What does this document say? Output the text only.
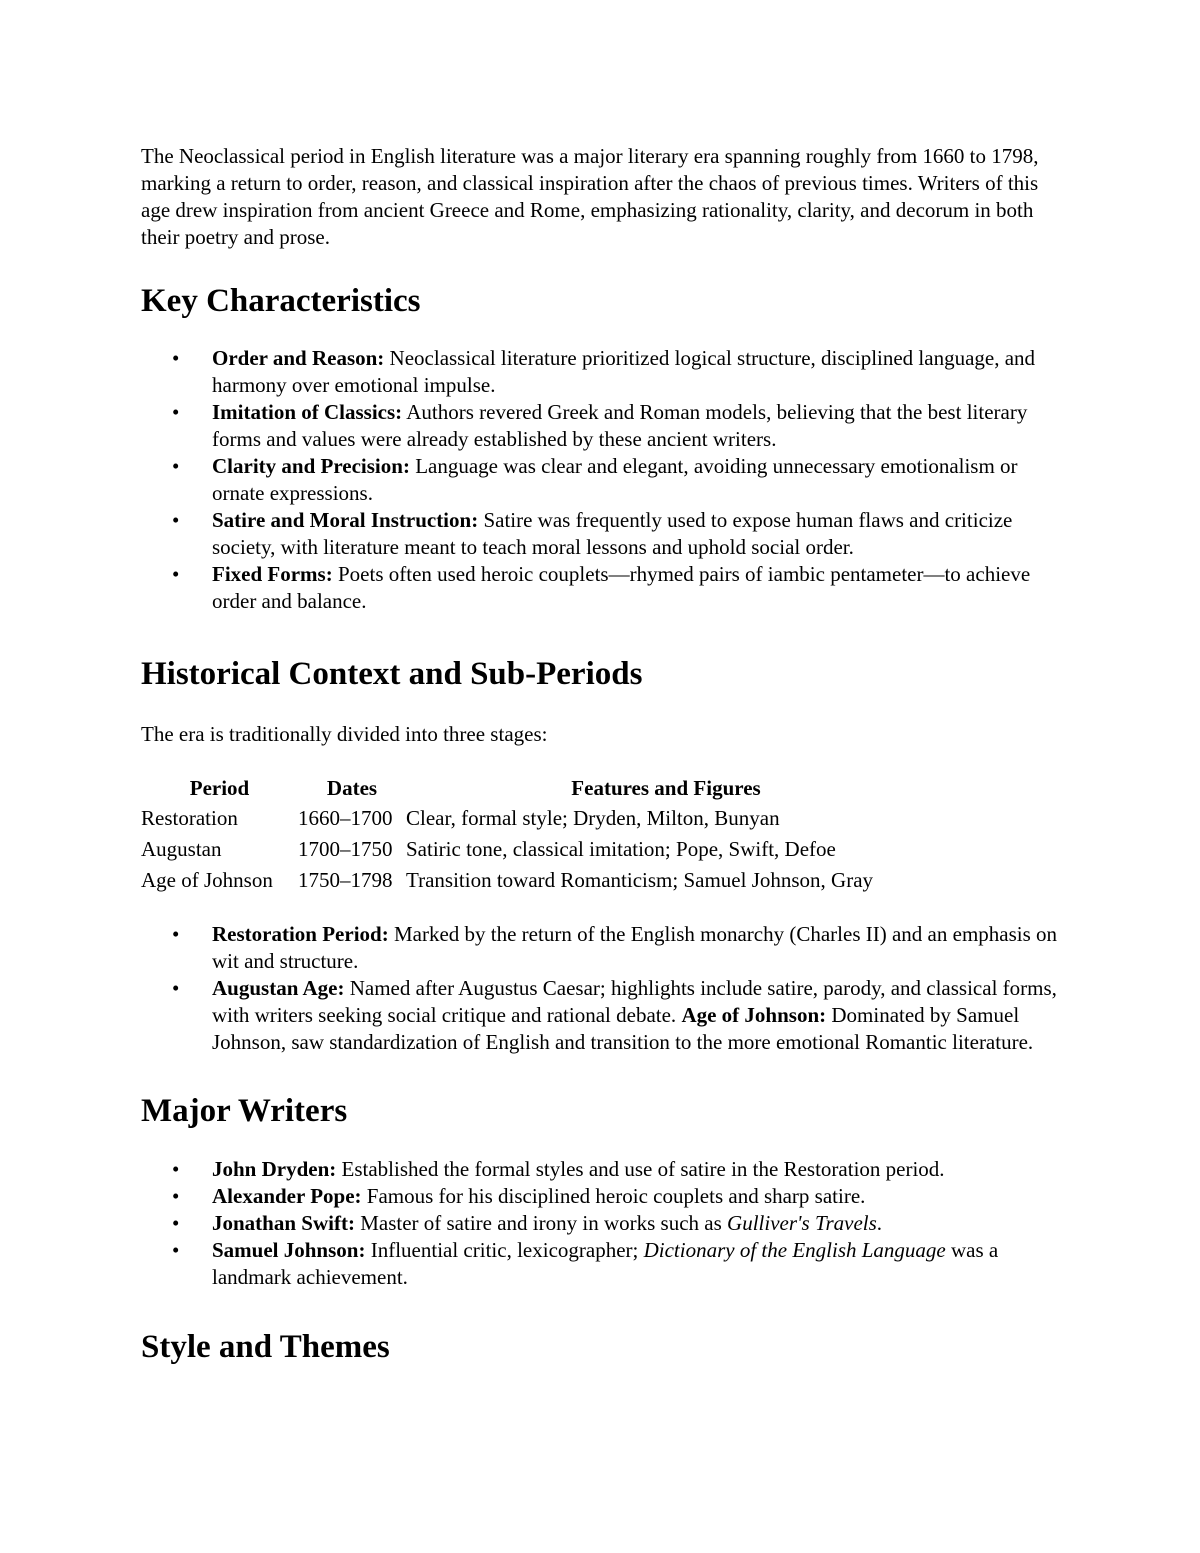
The Neoclassical period in English literature was a major literary era spanning roughly from 1660 to 1798, marking a return to order, reason, and classical inspiration after the chaos of previous times. Writers of this age drew inspiration from ancient Greece and Rome, emphasizing rationality, clarity, and decorum in both their poetry and prose.

Key Characteristics
• Order and Reason: Neoclassical literature prioritized logical structure, disciplined language, and harmony over emotional impulse.
• Imitation of Classics: Authors revered Greek and Roman models, believing that the best literary forms and values were already established by these ancient writers.
• Clarity and Precision: Language was clear and elegant, avoiding unnecessary emotionalism or ornate expressions.
• Satire and Moral Instruction: Satire was frequently used to expose human flaws and criticize society, with literature meant to teach moral lessons and uphold social order.
• Fixed Forms: Poets often used heroic couplets—rhymed pairs of iambic pentameter—to achieve order and balance.
Historical Context and Sub-Periods

The era is traditionally divided into three stages:

Period	Dates	Features and Figures
Restoration	1660–1700	Clear, formal style; Dryden, Milton, Bunyan
Augustan	1700–1750	Satiric tone, classical imitation; Pope, Swift, Defoe
Age of Johnson	1750–1798	Transition toward Romanticism; Samuel Johnson, Gray
• Restoration Period: Marked by the return of the English monarchy (Charles II) and an emphasis on wit and structure.
• Augustan Age: Named after Augustus Caesar; highlights include satire, parody, and classical forms, with writers seeking social critique and rational debate. Age of Johnson: Dominated by Samuel Johnson, saw standardization of English and transition to the more emotional Romantic literature.
Major Writers
• John Dryden: Established the formal styles and use of satire in the Restoration period.
• Alexander Pope: Famous for his disciplined heroic couplets and sharp satire.
• Jonathan Swift: Master of satire and irony in works such as Gulliver's Travels.
• Samuel Johnson: Influential critic, lexicographer; Dictionary of the English Language was a landmark achievement.
Style and Themes
